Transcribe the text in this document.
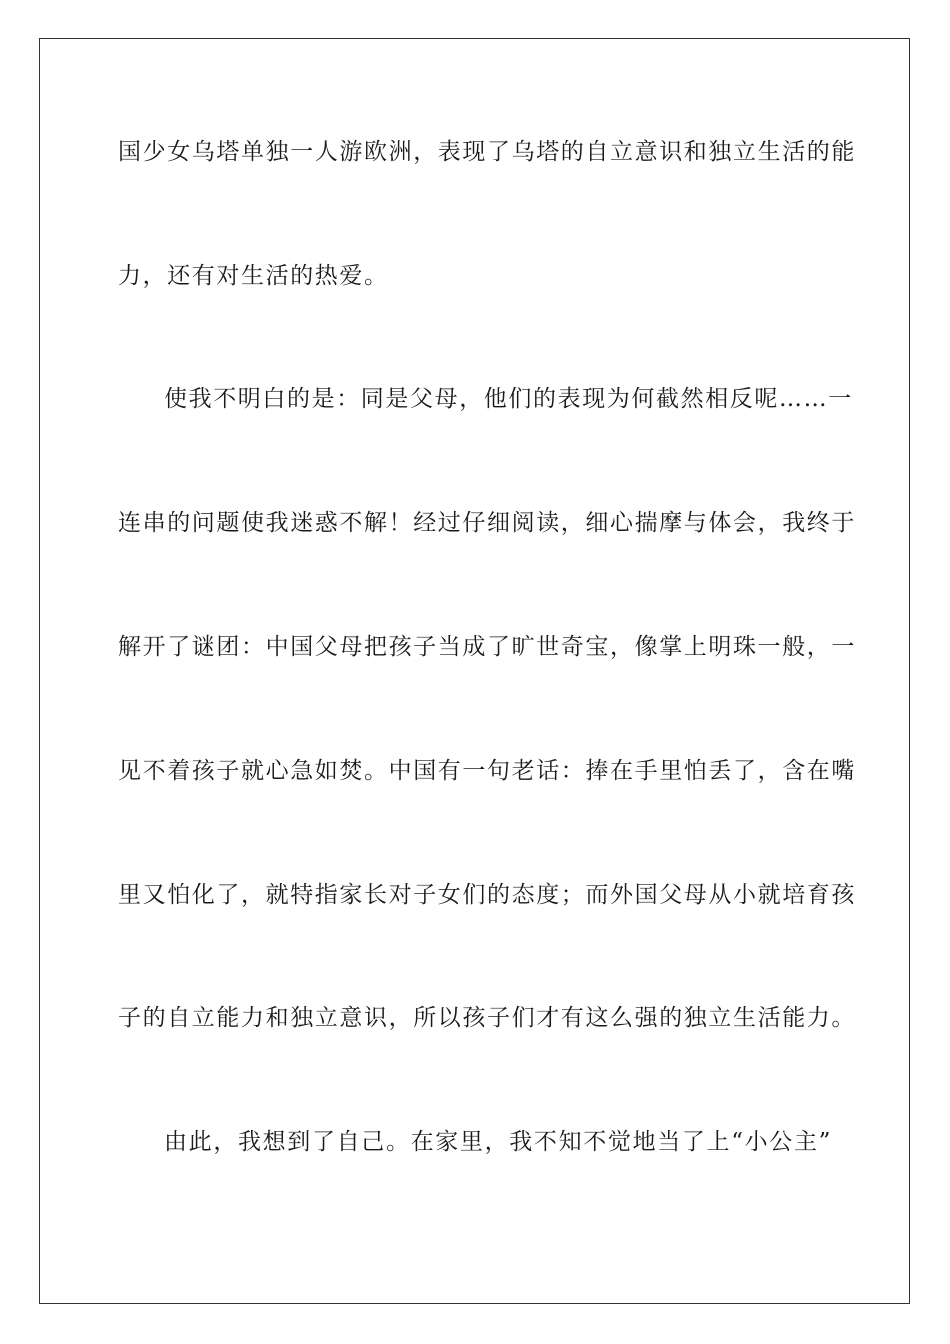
国少女乌塔单独一人游欧洲，表现了乌塔的自立意识和独立生活的能
力，还有对生活的热爱。
使我不明白的是：同是父母，他们的表现为何截然相反呢……一
连串的问题使我迷惑不解！经过仔细阅读，细心揣摩与体会，我终于
解开了谜团：中国父母把孩子当成了旷世奇宝，像掌上明珠一般，一
见不着孩子就心急如焚。中国有一句老话：捧在手里怕丢了，含在嘴
里又怕化了，就特指家长对子女们的态度；而外国父母从小就培育孩
子的自立能力和独立意识，所以孩子们才有这么强的独立生活能力。
由此，我想到了自己。在家里，我不知不觉地当了上“小公主”
